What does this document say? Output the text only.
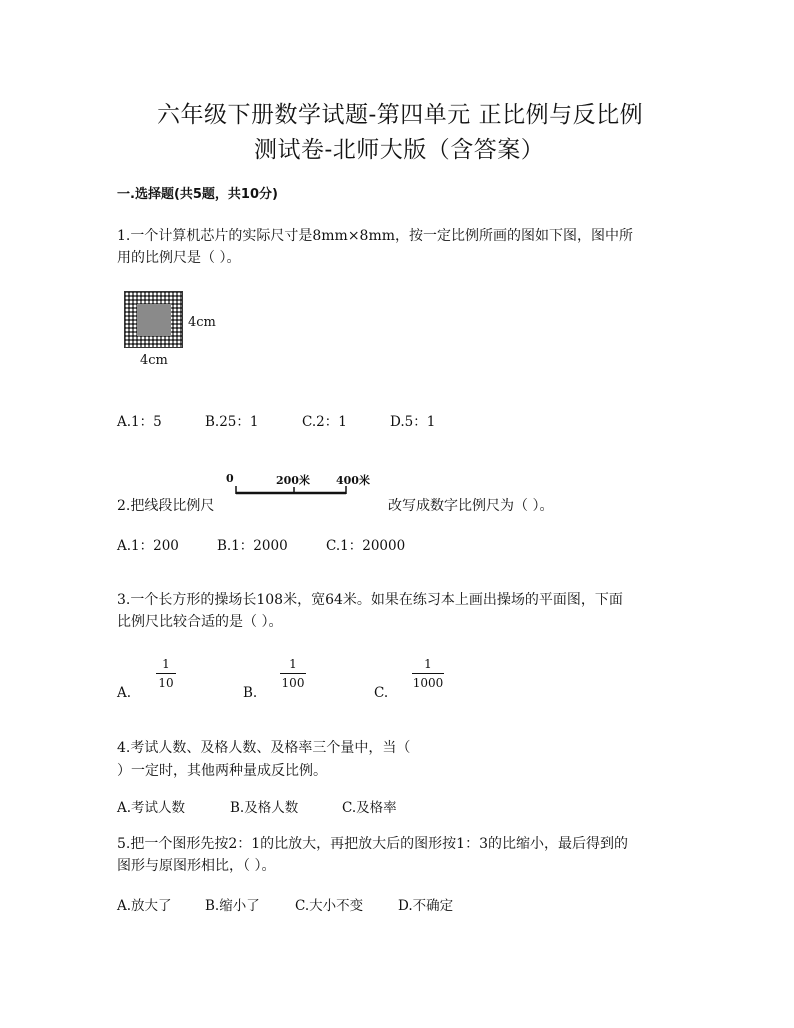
六年级下册数学试题-第四单元 正比例与反比例
测试卷-北师大版（含答案）
一.选择题(共5题，共10分)
1.一个计算机芯片的实际尺寸是8mm×8mm，按一定比例所画的图如下图，图中所
用的比例尺是（ ）。
4cm
4cm
A.1：5	B.25：1	C.2：1	D.5：1
2.把线段比例尺
0	200米 400米
改写成数字比例尺为（ ）。
A.1：200	B.1：2000	C.1：20000
3.一个长方形的操场长108米，宽64米。如果在练习本上画出操场的平面图，下面
比例尺比较合适的是（ ）。
A.
1
10
B.
1
100
C.
1
1000
4.考试人数、及格人数、及格率三个量中，当（
）一定时，其他两种量成反比例。
A.考试人数	B.及格人数	C.及格率
5.把一个图形先按2：1的比放大，再把放大后的图形按1：3的比缩小，最后得到的
图形与原图形相比，（ ）。
A.放大了 B.缩小了	C.大小不变	D.不确定
